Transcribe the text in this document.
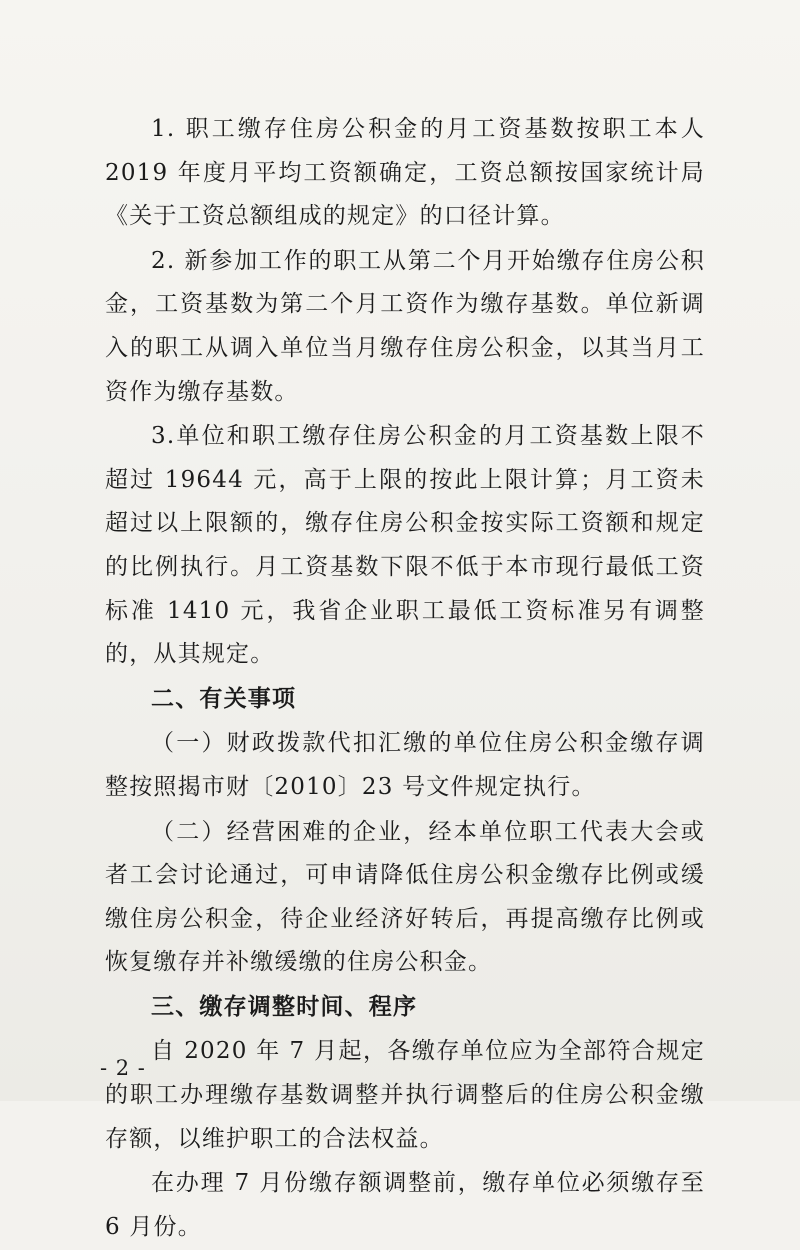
1. 职工缴存住房公积金的月工资基数按职工本人 2019 年度月平均工资额确定，工资总额按国家统计局《关于工资总额组成的规定》的口径计算。

2. 新参加工作的职工从第二个月开始缴存住房公积金，工资基数为第二个月工资作为缴存基数。单位新调入的职工从调入单位当月缴存住房公积金，以其当月工资作为缴存基数。

3.单位和职工缴存住房公积金的月工资基数上限不超过 19644 元，高于上限的按此上限计算；月工资未超过以上限额的，缴存住房公积金按实际工资额和规定的比例执行。月工资基数下限不低于本市现行最低工资标准 1410 元，我省企业职工最低工资标准另有调整的，从其规定。

二、有关事项

（一）财政拨款代扣汇缴的单位住房公积金缴存调整按照揭市财〔2010〕23 号文件规定执行。

（二）经营困难的企业，经本单位职工代表大会或者工会讨论通过，可申请降低住房公积金缴存比例或缓缴住房公积金，待企业经济好转后，再提高缴存比例或恢复缴存并补缴缓缴的住房公积金。

三、缴存调整时间、程序

自 2020 年 7 月起，各缴存单位应为全部符合规定的职工办理缴存基数调整并执行调整后的住房公积金缴存额，以维护职工的合法权益。

在办理 7 月份缴存额调整前，缴存单位必须缴存至 6 月份。

- 2 -
